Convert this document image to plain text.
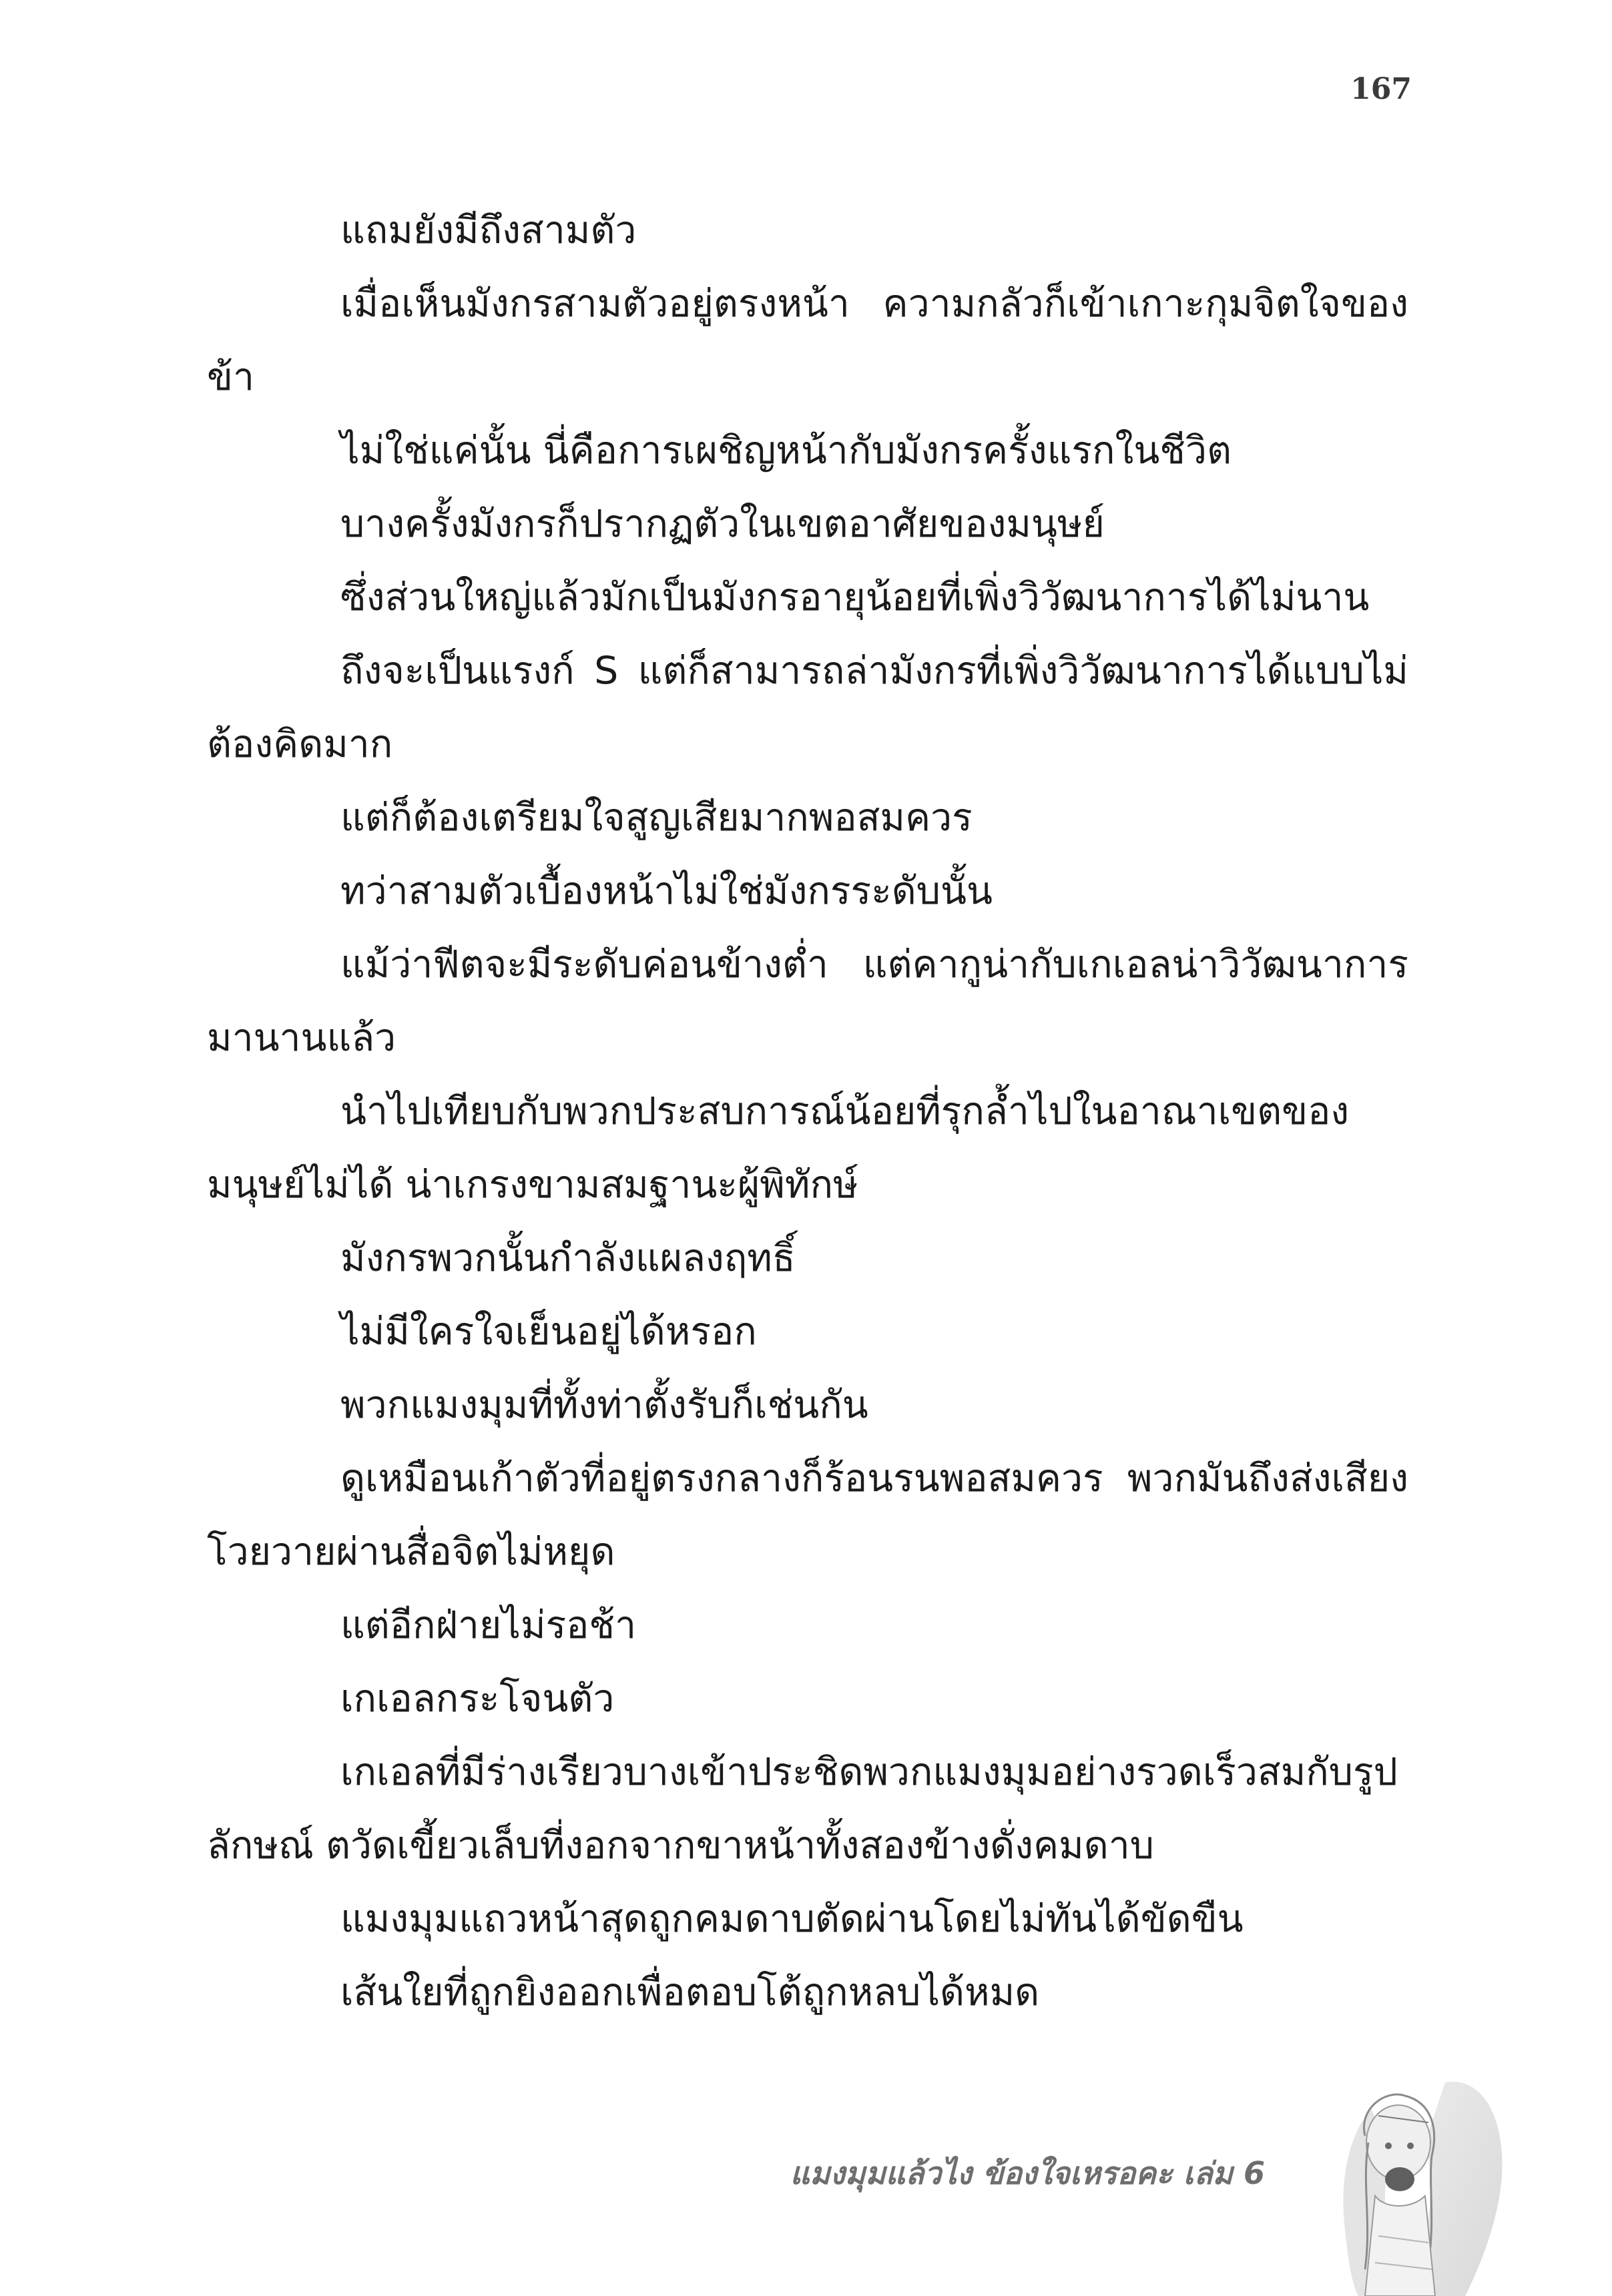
167

แถมยังมีถึงสามตัว

เมื่อเห็นมังกรสามตัวอยู่ตรงหน้า ความกลัวก็เข้าเกาะกุมจิตใจของข้า

ไม่ใช่แค่นั้น นี่คือการเผชิญหน้ากับมังกรครั้งแรกในชีวิต

บางครั้งมังกรก็ปรากฏตัวในเขตอาศัยของมนุษย์

ซึ่งส่วนใหญ่แล้วมักเป็นมังกรอายุน้อยที่เพิ่งวิวัฒนาการได้ไม่นาน

ถึงจะเป็นแรงก์ S แต่ก็สามารถล่ามังกรที่เพิ่งวิวัฒนาการได้แบบไม่ต้องคิดมาก

แต่ก็ต้องเตรียมใจสูญเสียมากพอสมควร

ทว่าสามตัวเบื้องหน้าไม่ใช่มังกรระดับนั้น

แม้ว่าฟีตจะมีระดับค่อนข้างต่ำ แต่คากูน่ากับเกเอลน่าวิวัฒนาการมานานแล้ว

นำไปเทียบกับพวกประสบการณ์น้อยที่รุกล้ำไปในอาณาเขตของมนุษย์ไม่ได้ น่าเกรงขามสมฐานะผู้พิทักษ์

มังกรพวกนั้นกำลังแผลงฤทธิ์

ไม่มีใครใจเย็นอยู่ได้หรอก

พวกแมงมุมที่ทั้งท่าตั้งรับก็เช่นกัน

ดูเหมือนเก้าตัวที่อยู่ตรงกลางก็ร้อนรนพอสมควร พวกมันถึงส่งเสียงโวยวายผ่านสื่อจิตไม่หยุด

แต่อีกฝ่ายไม่รอช้า

เกเอลกระโจนตัว

เกเอลที่มีร่างเรียวบางเข้าประชิดพวกแมงมุมอย่างรวดเร็วสมกับรูปลักษณ์ ตวัดเขี้ยวเล็บที่งอกจากขาหน้าทั้งสองข้างดั่งคมดาบ

แมงมุมแถวหน้าสุดถูกคมดาบตัดผ่านโดยไม่ทันได้ขัดขืน

เส้นใยที่ถูกยิงออกเพื่อตอบโต้ถูกหลบได้หมด

แมงมุมแล้วไง ข้องใจเหรอคะ เล่ม 6
